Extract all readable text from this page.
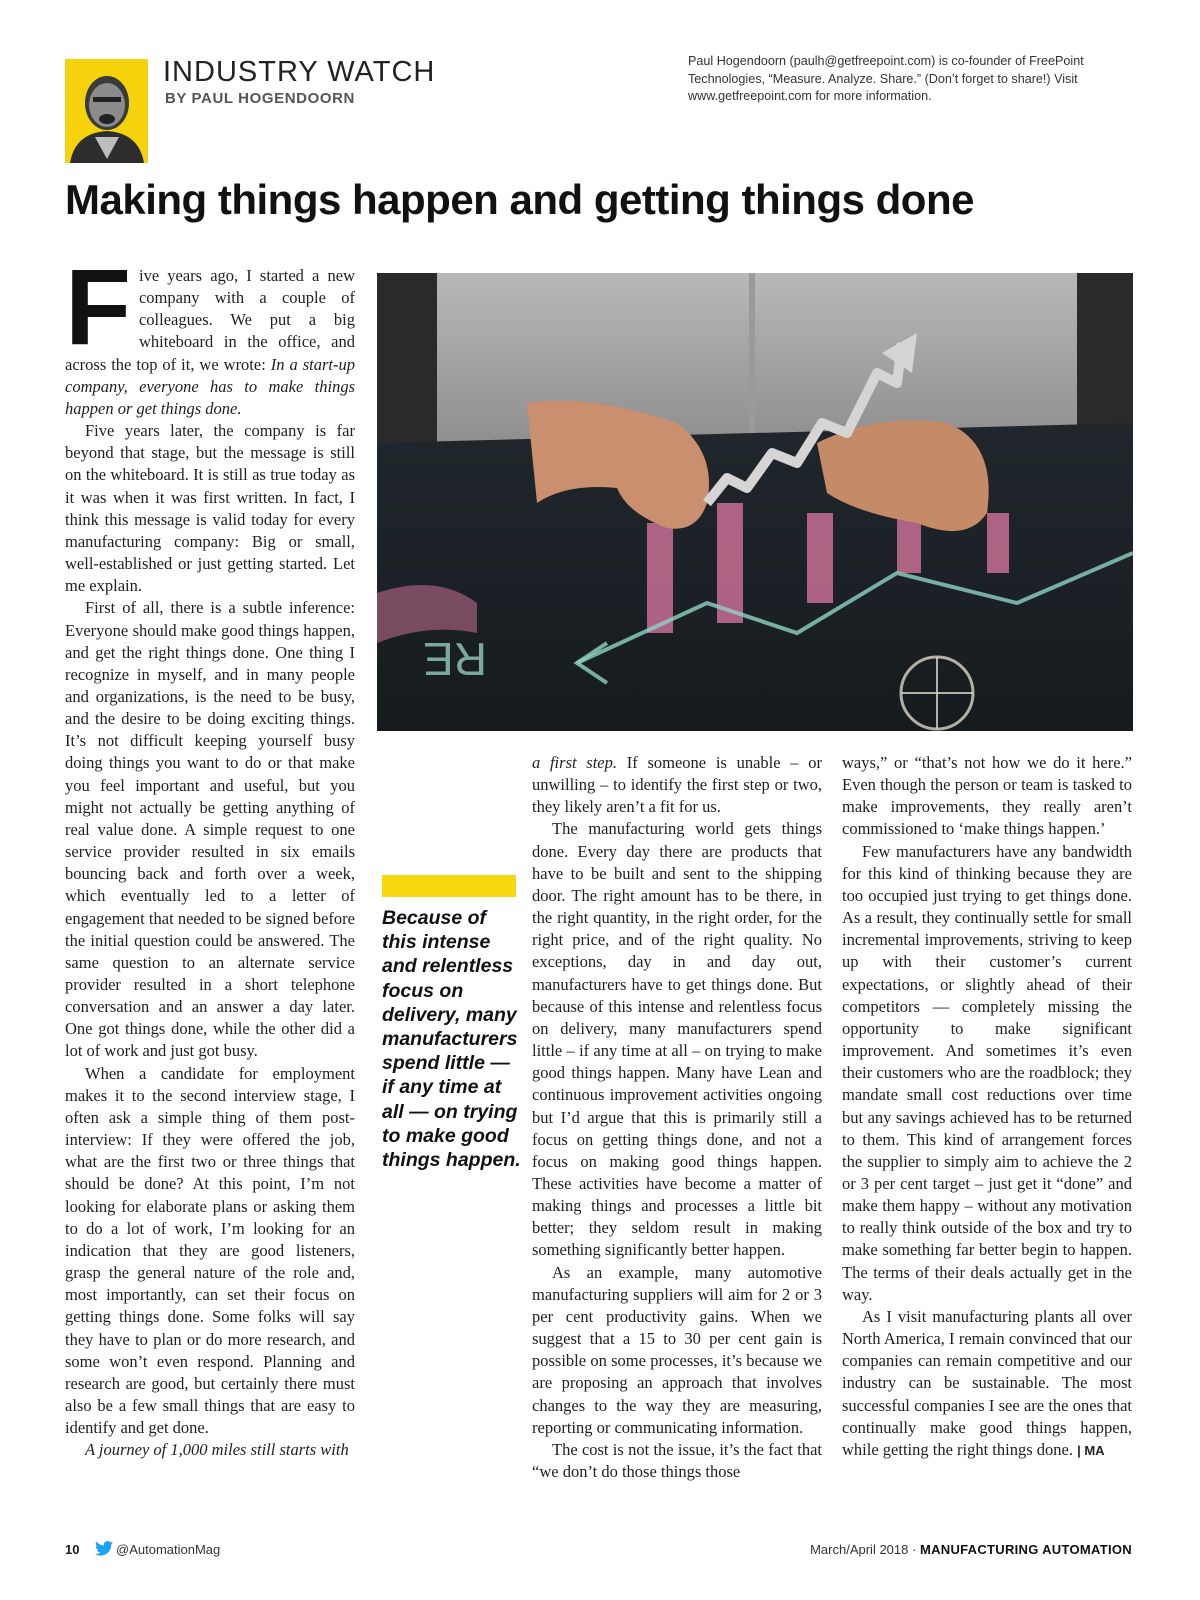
INDUSTRY WATCH
BY PAUL HOGENDOORN
Paul Hogendoorn (paulh@getfreepoint.com) is co-founder of FreePoint Technologies, “Measure. Analyze. Share.” (Don’t forget to share!) Visit www.getfreepoint.com for more information.
Making things happen and getting things done

Five years ago, I started a new company with a couple of colleagues. We put a big whiteboard in the office, and across the top of it, we wrote: In a start-up company, everyone has to make things happen or get things done.

Five years later, the company is far beyond that stage, but the message is still on the whiteboard. It is still as true today as it was when it was first written. In fact, I think this message is valid today for every manufacturing company: Big or small, well-established or just getting started. Let me explain.

First of all, there is a subtle inference: Everyone should make good things happen, and get the right things done. One thing I recognize in myself, and in many people and organizations, is the need to be busy, and the desire to be doing exciting things. It’s not difficult keeping yourself busy doing things you want to do or that make you feel important and useful, but you might not actually be getting anything of real value done. A simple request to one service provider resulted in six emails bouncing back and forth over a week, which eventually led to a letter of engagement that needed to be signed before the initial question could be answered. The same question to an alternate service provider resulted in a short telephone conversation and an answer a day later. One got things done, while the other did a lot of work and just got busy.

When a candidate for employment makes it to the second interview stage, I often ask a simple thing of them post-interview: If they were offered the job, what are the first two or three things that should be done? At this point, I’m not looking for elaborate plans or asking them to do a lot of work, I’m looking for an indication that they are good listeners, grasp the general nature of the role and, most importantly, can set their focus on getting things done. Some folks will say they have to plan or do more research, and some won’t even respond. Planning and research are good, but certainly there must also be a few small things that are easy to identify and get done.

A journey of 1,000 miles still starts with

RE
Because of this intense and relentless focus on delivery, many manufacturers spend little — if any time at all — on trying to make good things happen.

a first step. If someone is unable – or unwilling – to identify the first step or two, they likely aren’t a fit for us.

The manufacturing world gets things done. Every day there are products that have to be built and sent to the shipping door. The right amount has to be there, in the right quantity, in the right order, for the right price, and of the right quality. No exceptions, day in and day out, manufacturers have to get things done. But because of this intense and relentless focus on delivery, many manufacturers spend little – if any time at all – on trying to make good things happen. Many have Lean and continuous improvement activities ongoing but I’d argue that this is primarily still a focus on getting things done, and not a focus on making good things happen. These activities have become a matter of making things and processes a little bit better; they seldom result in making something significantly better happen.

As an example, many automotive manufacturing suppliers will aim for 2 or 3 per cent productivity gains. When we suggest that a 15 to 30 per cent gain is possible on some processes, it’s because we are proposing an approach that involves changes to the way they are measuring, reporting or communicating information.

The cost is not the issue, it’s the fact that “we don’t do those things those

ways,” or “that’s not how we do it here.” Even though the person or team is tasked to make improvements, they really aren’t commissioned to ‘make things happen.’

Few manufacturers have any bandwidth for this kind of thinking because they are too occupied just trying to get things done. As a result, they continually settle for small incremental improvements, striving to keep up with their customer’s current expectations, or slightly ahead of their competitors — completely missing the opportunity to make significant improvement. And sometimes it’s even their customers who are the roadblock; they mandate small cost reductions over time but any savings achieved has to be returned to them. This kind of arrangement forces the supplier to simply aim to achieve the 2 or 3 per cent target – just get it “done” and make them happy – without any motivation to really think outside of the box and try to make something far better begin to happen. The terms of their deals actually get in the way.

As I visit manufacturing plants all over North America, I remain convinced that our companies can remain competitive and our industry can be sustainable. The most successful companies I see are the ones that continually make good things happen, while getting the right things done. | MA

10	@AutomationMag	March/April 2018 · MANUFACTURING AUTOMATION
